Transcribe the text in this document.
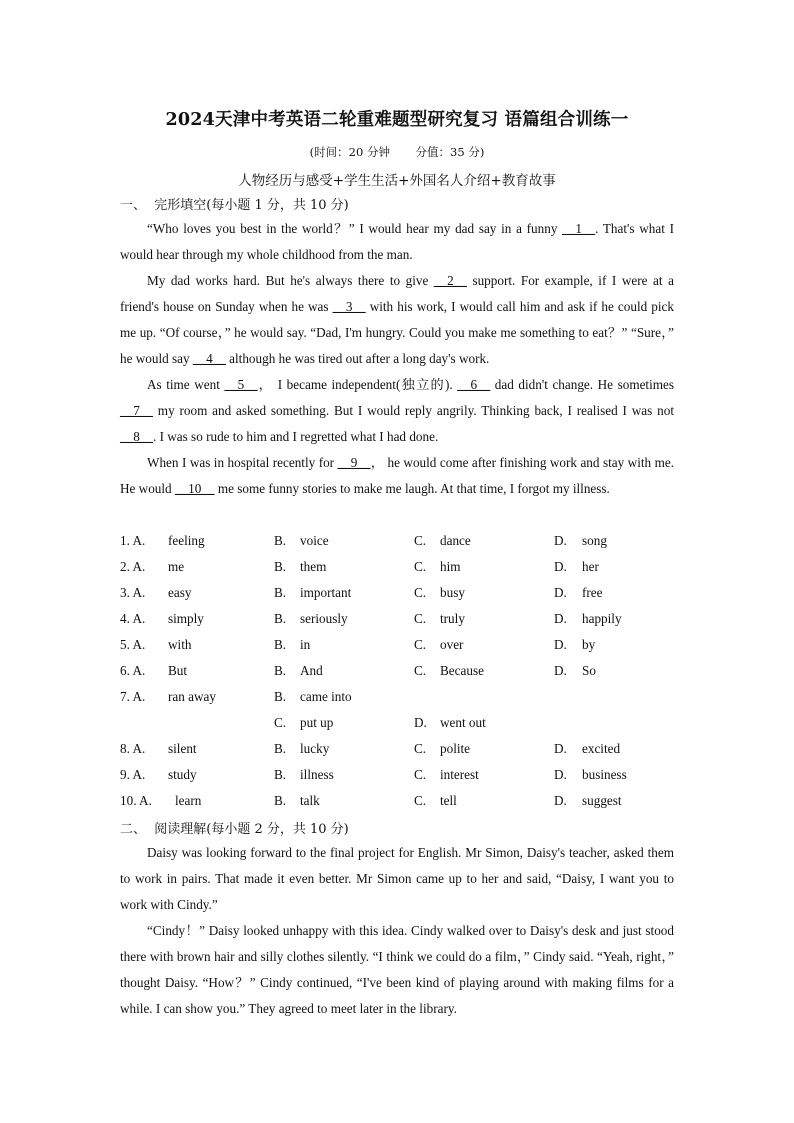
2024天津中考英语二轮重难题型研究复习 语篇组合训练一
(时间：20 分钟       分值：35 分)
人物经历与感受+学生生活+外国名人介绍+教育故事
一、  完形填空(每小题 1 分，共 10 分)

“Who loves you best in the world？” I would hear my dad say in a funny __1__. That's what I would hear through my whole childhood from the man.

My dad works hard. But he's always there to give __2__ support. For example, if I were at a friend's house on Sunday when he was __3__ with his work, I would call him and ask if he could pick me up. “Of course，” he would say. “Dad, I'm hungry. Could you make me something to eat？” “Sure，” he would say __4__ although he was tired out after a long day's work.

As time went __5__， I became independent(独立的). __6__ dad didn't change. He sometimes __7__ my room and asked something. But I would reply angrily. Thinking back, I realised I was not __8__. I was so rude to him and I regretted what I had done.

When I was in hospital recently for __9__， he would come after finishing work and stay with me. He would __10__ me some funny stories to make me laugh. At that time, I forgot my illness.

1. A. feeling	B. voice	C. dance	D. song
2. A. me	B. them	C. him	D. her
3. A. easy	B. important	C. busy	D. free
4. A. simply	B. seriously	C. truly	D. happily
5. A. with	B. in	C. over	D. by
6. A. But	B. And	C. Because	D. So
7. A. ran away	B. came into
C. put up	D. went out
8. A. silent	B. lucky	C. polite	D. excited
9. A. study	B. illness	C. interest	D. business
10. A. learn	B. talk	C. tell	D. suggest
二、  阅读理解(每小题 2 分，共 10 分)

Daisy was looking forward to the final project for English. Mr Simon, Daisy's teacher, asked them to work in pairs. That made it even better. Mr Simon came up to her and said, “Daisy, I want you to work with Cindy.”

“Cindy！” Daisy looked unhappy with this idea. Cindy walked over to Daisy's desk and just stood there with brown hair and silly clothes silently. “I think we could do a film，” Cindy said. “Yeah, right，” thought Daisy. “How？” Cindy continued, “I've been kind of playing around with making films for a while. I can show you.” They agreed to meet later in the library.
